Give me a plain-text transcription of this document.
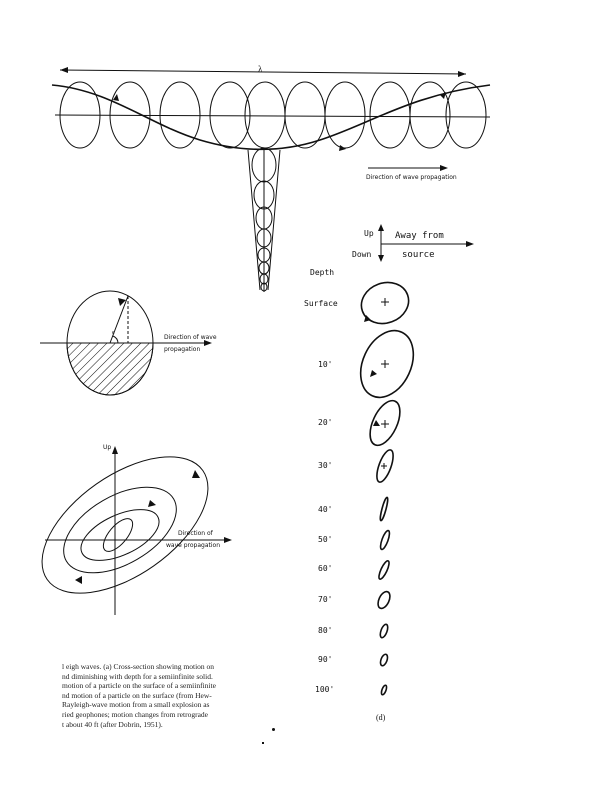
λ
Direction of wave propagation
Direction of wave
propagation
e
Up
Direction of
wave propagation
Up
Down
Away from
source
Depth
Surface
10'
20'
30'
40'
50'
60'
70'
80'
90'
100'
(d)

l eigh waves. (a) Cross-section showing motion on

nd diminishing with depth for a semiinfinite solid.

motion of a particle on the surface of a semiinfinite

nd motion of a particle on the surface (from Hew-

Rayleigh-wave motion from a small explosion as

ried geophones; motion changes from retrograde

t about 40 ft (after Dobrin, 1951).
